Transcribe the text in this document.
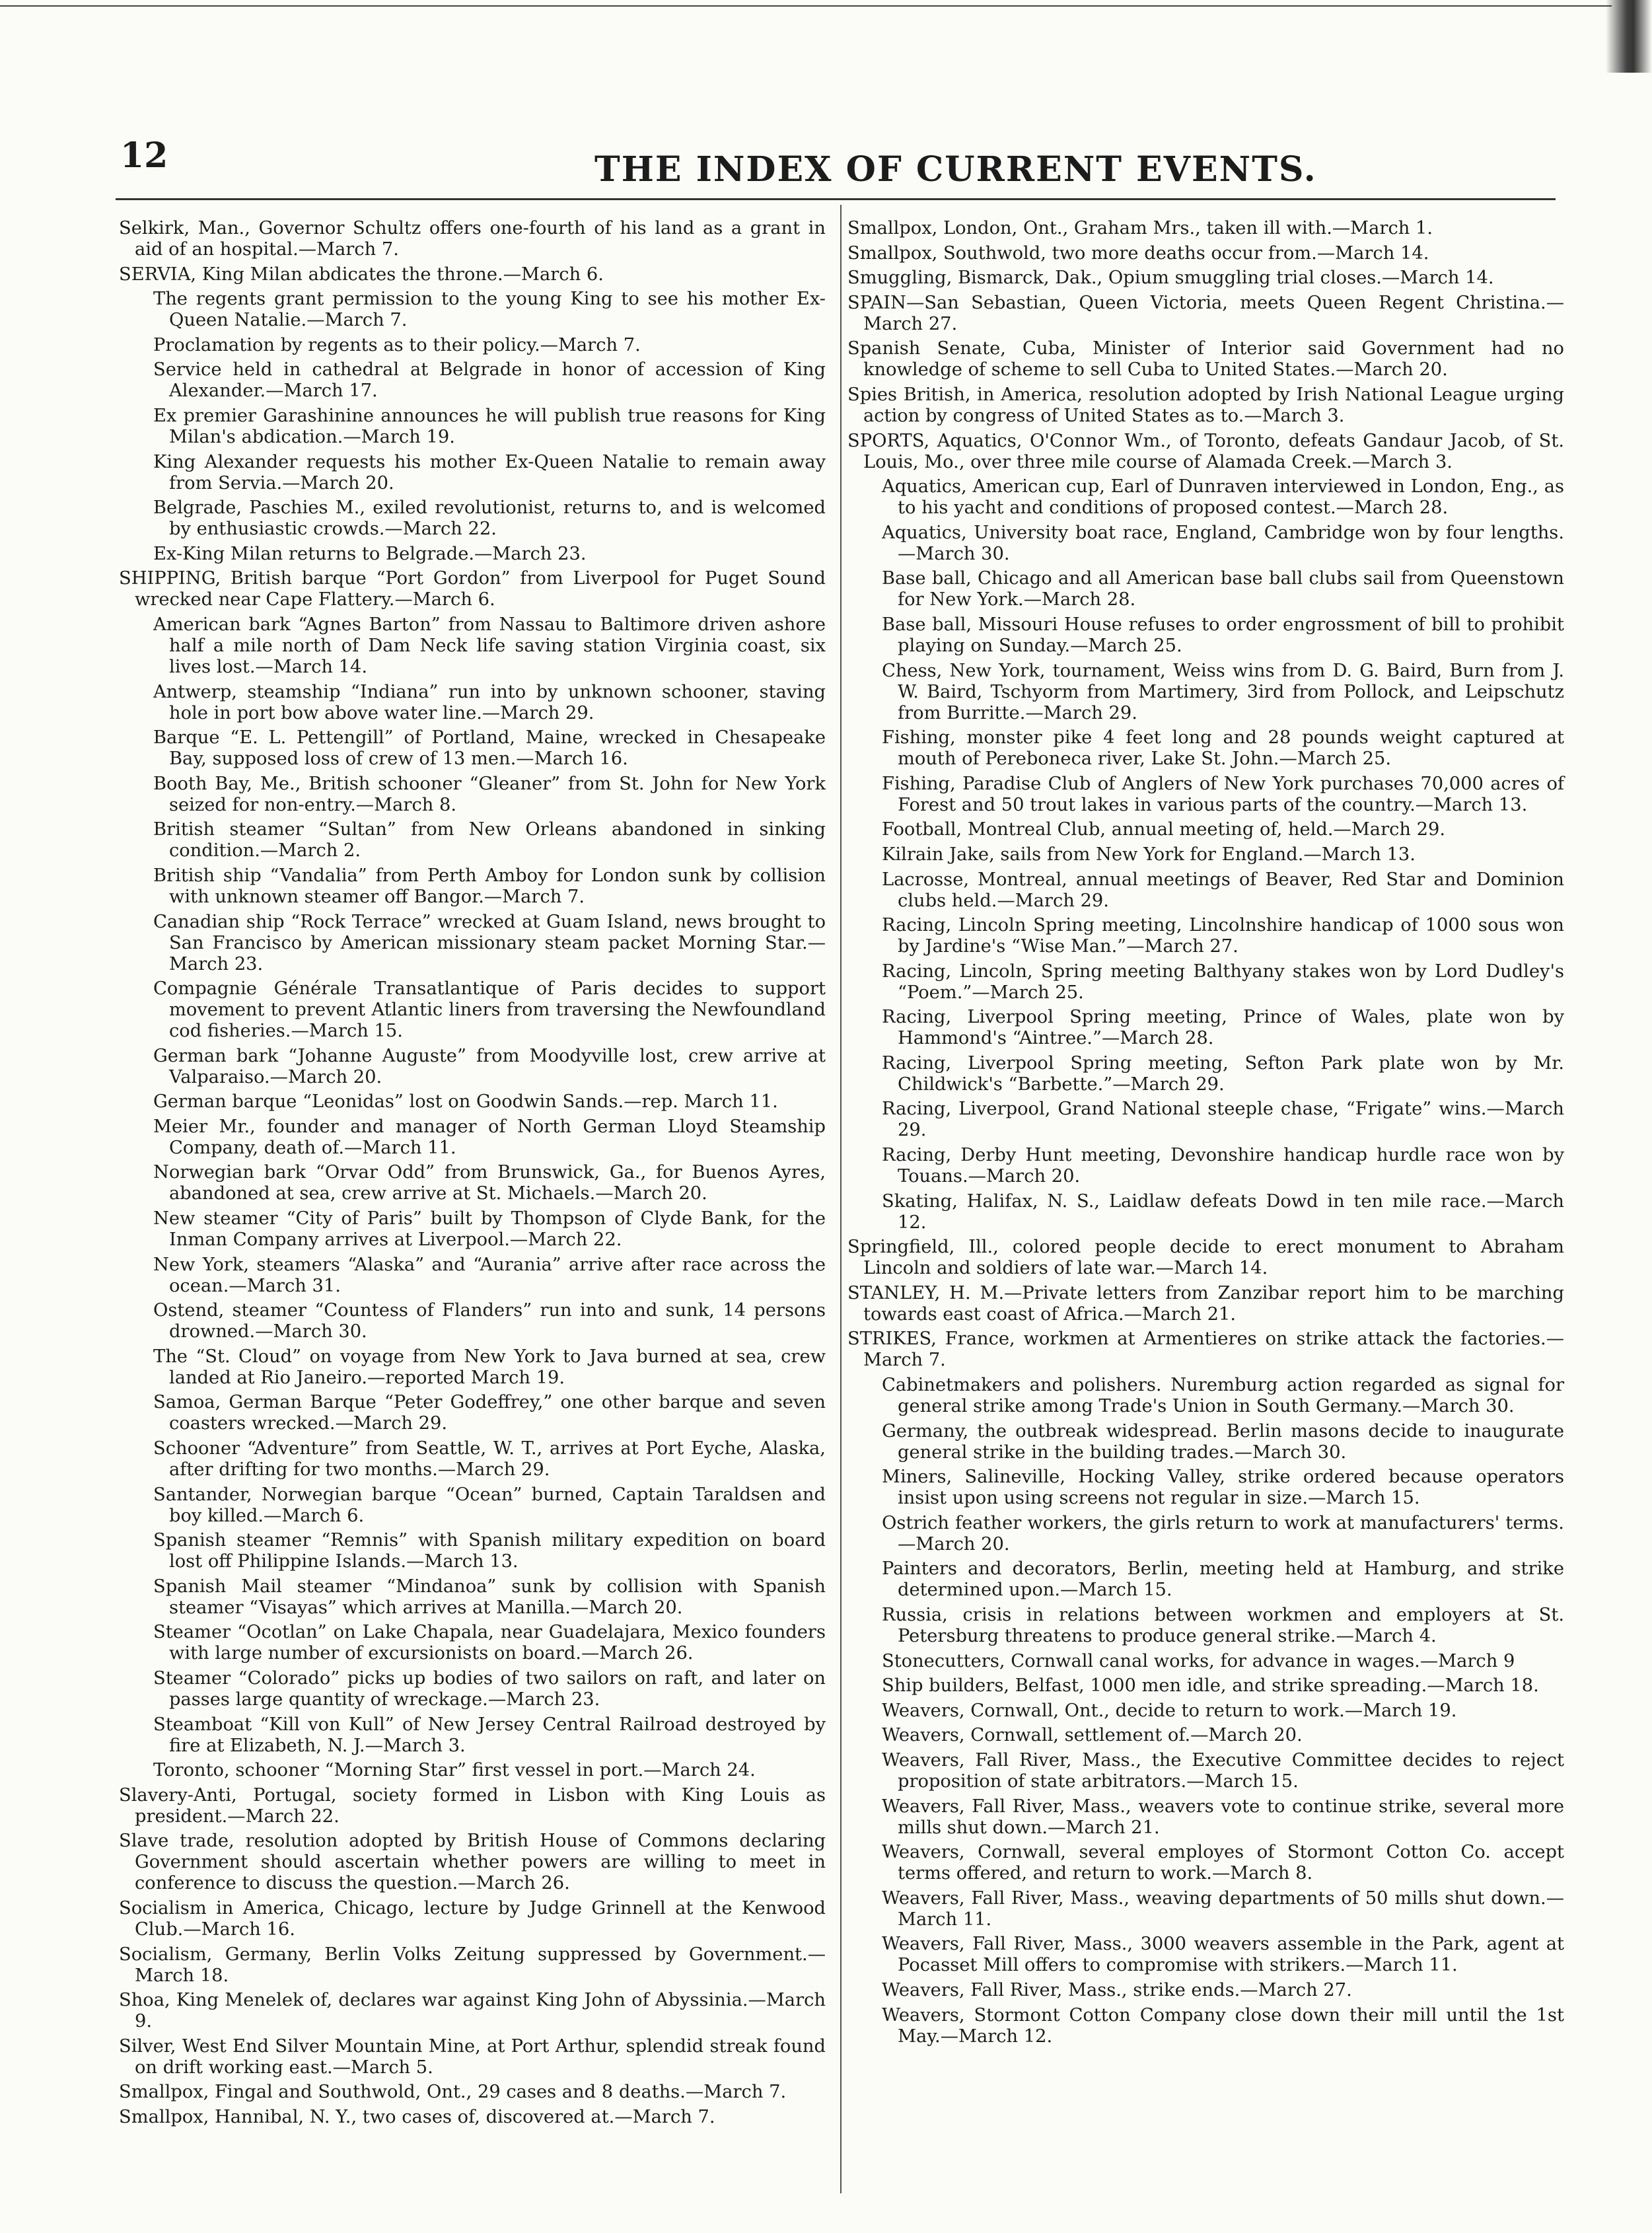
12	THE INDEX OF CURRENT EVENTS.

Selkirk, Man., Governor Schultz offers one-fourth of his land as a grant in aid of an hospital.—March 7.

SERVIA, King Milan abdicates the throne.—March 6.

The regents grant permission to the young King to see his mother Ex-Queen Natalie.—March 7.

Proclamation by regents as to their policy.—March 7.

Service held in cathedral at Belgrade in honor of accession of King Alexander.—March 17.

Ex premier Garashinine announces he will publish true reasons for King Milan's abdication.—March 19.

King Alexander requests his mother Ex-Queen Natalie to remain away from Servia.—March 20.

Belgrade, Paschies M., exiled revolutionist, returns to, and is welcomed by enthusiastic crowds.—March 22.

Ex-King Milan returns to Belgrade.—March 23.

SHIPPING, British barque “Port Gordon” from Liverpool for Puget Sound wrecked near Cape Flattery.—March 6.

American bark “Agnes Barton” from Nassau to Baltimore driven ashore half a mile north of Dam Neck life saving station Virginia coast, six lives lost.—March 14.

Antwerp, steamship “Indiana” run into by unknown schooner, staving hole in port bow above water line.—March 29.

Barque “E. L. Pettengill” of Portland, Maine, wrecked in Chesapeake Bay, supposed loss of crew of 13 men.—March 16.

Booth Bay, Me., British schooner “Gleaner” from St. John for New York seized for non-entry.—March 8.

British steamer “Sultan” from New Orleans abandoned in sinking condition.—March 2.

British ship “Vandalia” from Perth Amboy for London sunk by collision with unknown steamer off Bangor.—March 7.

Canadian ship “Rock Terrace” wrecked at Guam Island, news brought to San Francisco by American missionary steam packet Morning Star.—March 23.

Compagnie Générale Transatlantique of Paris decides to support movement to prevent Atlantic liners from traversing the Newfoundland cod fisheries.—March 15.

German bark “Johanne Auguste” from Moodyville lost, crew arrive at Valparaiso.—March 20.

German barque “Leonidas” lost on Goodwin Sands.—rep. March 11.

Meier Mr., founder and manager of North German Lloyd Steamship Company, death of.—March 11.

Norwegian bark “Orvar Odd” from Brunswick, Ga., for Buenos Ayres, abandoned at sea, crew arrive at St. Michaels.—March 20.

New steamer “City of Paris” built by Thompson of Clyde Bank, for the Inman Company arrives at Liverpool.—March 22.

New York, steamers “Alaska” and “Aurania” arrive after race across the ocean.—March 31.

Ostend, steamer “Countess of Flanders” run into and sunk, 14 persons drowned.—March 30.

The “St. Cloud” on voyage from New York to Java burned at sea, crew landed at Rio Janeiro.—reported March 19.

Samoa, German Barque “Peter Godeffrey,” one other barque and seven coasters wrecked.—March 29.

Schooner “Adventure” from Seattle, W. T., arrives at Port Eyche, Alaska, after drifting for two months.—March 29.

Santander, Norwegian barque “Ocean” burned, Captain Taraldsen and boy killed.—March 6.

Spanish steamer “Remnis” with Spanish military expedition on board lost off Philippine Islands.—March 13.

Spanish Mail steamer “Mindanoa” sunk by collision with Spanish steamer “Visayas” which arrives at Manilla.—March 20.

Steamer “Ocotlan” on Lake Chapala, near Guadelajara, Mexico founders with large number of excursionists on board.—March 26.

Steamer “Colorado” picks up bodies of two sailors on raft, and later on passes large quantity of wreckage.—March 23.

Steamboat “Kill von Kull” of New Jersey Central Railroad destroyed by fire at Elizabeth, N. J.—March 3.

Toronto, schooner “Morning Star” first vessel in port.—March 24.

Slavery-Anti, Portugal, society formed in Lisbon with King Louis as president.—March 22.

Slave trade, resolution adopted by British House of Commons declaring Government should ascertain whether powers are willing to meet in conference to discuss the question.—March 26.

Socialism in America, Chicago, lecture by Judge Grinnell at the Kenwood Club.—March 16.

Socialism, Germany, Berlin Volks Zeitung suppressed by Government.—March 18.

Shoa, King Menelek of, declares war against King John of Abyssinia.—March 9.

Silver, West End Silver Mountain Mine, at Port Arthur, splendid streak found on drift working east.—March 5.

Smallpox, Fingal and Southwold, Ont., 29 cases and 8 deaths.—March 7.

Smallpox, Hannibal, N. Y., two cases of, discovered at.—March 7.

Smallpox, London, Ont., Graham Mrs., taken ill with.—March 1.

Smallpox, Southwold, two more deaths occur from.—March 14.

Smuggling, Bismarck, Dak., Opium smuggling trial closes.—March 14.

SPAIN—San Sebastian, Queen Victoria, meets Queen Regent Christina.—March 27.

Spanish Senate, Cuba, Minister of Interior said Government had no knowledge of scheme to sell Cuba to United States.—March 20.

Spies British, in America, resolution adopted by Irish National League urging action by congress of United States as to.—March 3.

SPORTS, Aquatics, O'Connor Wm., of Toronto, defeats Gandaur Jacob, of St. Louis, Mo., over three mile course of Alamada Creek.—March 3.

Aquatics, American cup, Earl of Dunraven interviewed in London, Eng., as to his yacht and conditions of proposed contest.—March 28.

Aquatics, University boat race, England, Cambridge won by four lengths.—March 30.

Base ball, Chicago and all American base ball clubs sail from Queenstown for New York.—March 28.

Base ball, Missouri House refuses to order engrossment of bill to prohibit playing on Sunday.—March 25.

Chess, New York, tournament, Weiss wins from D. G. Baird, Burn from J. W. Baird, Tschyorm from Martimery, 3ird from Pollock, and Leipschutz from Burritte.—March 29.

Fishing, monster pike 4 feet long and 28 pounds weight captured at mouth of Pereboneca river, Lake St. John.—March 25.

Fishing, Paradise Club of Anglers of New York purchases 70,000 acres of Forest and 50 trout lakes in various parts of the country.—March 13.

Football, Montreal Club, annual meeting of, held.—March 29.

Kilrain Jake, sails from New York for England.—March 13.

Lacrosse, Montreal, annual meetings of Beaver, Red Star and Dominion clubs held.—March 29.

Racing, Lincoln Spring meeting, Lincolnshire handicap of 1000 sous won by Jardine's “Wise Man.”—March 27.

Racing, Lincoln, Spring meeting Balthyany stakes won by Lord Dudley's “Poem.”—March 25.

Racing, Liverpool Spring meeting, Prince of Wales, plate won by Hammond's “Aintree.”—March 28.

Racing, Liverpool Spring meeting, Sefton Park plate won by Mr. Childwick's “Barbette.”—March 29.

Racing, Liverpool, Grand National steeple chase, “Frigate” wins.—March 29.

Racing, Derby Hunt meeting, Devonshire handicap hurdle race won by Touans.—March 20.

Skating, Halifax, N. S., Laidlaw defeats Dowd in ten mile race.—March 12.

Springfield, Ill., colored people decide to erect monument to Abraham Lincoln and soldiers of late war.—March 14.

STANLEY, H. M.—Private letters from Zanzibar report him to be marching towards east coast of Africa.—March 21.

STRIKES, France, workmen at Armentieres on strike attack the factories.—March 7.

Cabinetmakers and polishers. Nuremburg action regarded as signal for general strike among Trade's Union in South Germany.—March 30.

Germany, the outbreak widespread. Berlin masons decide to inaugurate general strike in the building trades.—March 30.

Miners, Salineville, Hocking Valley, strike ordered because operators insist upon using screens not regular in size.—March 15.

Ostrich feather workers, the girls return to work at manufacturers' terms.—March 20.

Painters and decorators, Berlin, meeting held at Hamburg, and strike determined upon.—March 15.

Russia, crisis in relations between workmen and employers at St. Petersburg threatens to produce general strike.—March 4.

Stonecutters, Cornwall canal works, for advance in wages.—March 9

Ship builders, Belfast, 1000 men idle, and strike spreading.—March 18.

Weavers, Cornwall, Ont., decide to return to work.—March 19.

Weavers, Cornwall, settlement of.—March 20.

Weavers, Fall River, Mass., the Executive Committee decides to reject proposition of state arbitrators.—March 15.

Weavers, Fall River, Mass., weavers vote to continue strike, several more mills shut down.—March 21.

Weavers, Cornwall, several employes of Stormont Cotton Co. accept terms offered, and return to work.—March 8.

Weavers, Fall River, Mass., weaving departments of 50 mills shut down.—March 11.

Weavers, Fall River, Mass., 3000 weavers assemble in the Park, agent at Pocasset Mill offers to compromise with strikers.—March 11.

Weavers, Fall River, Mass., strike ends.—March 27.

Weavers, Stormont Cotton Company close down their mill until the 1st May.—March 12.
